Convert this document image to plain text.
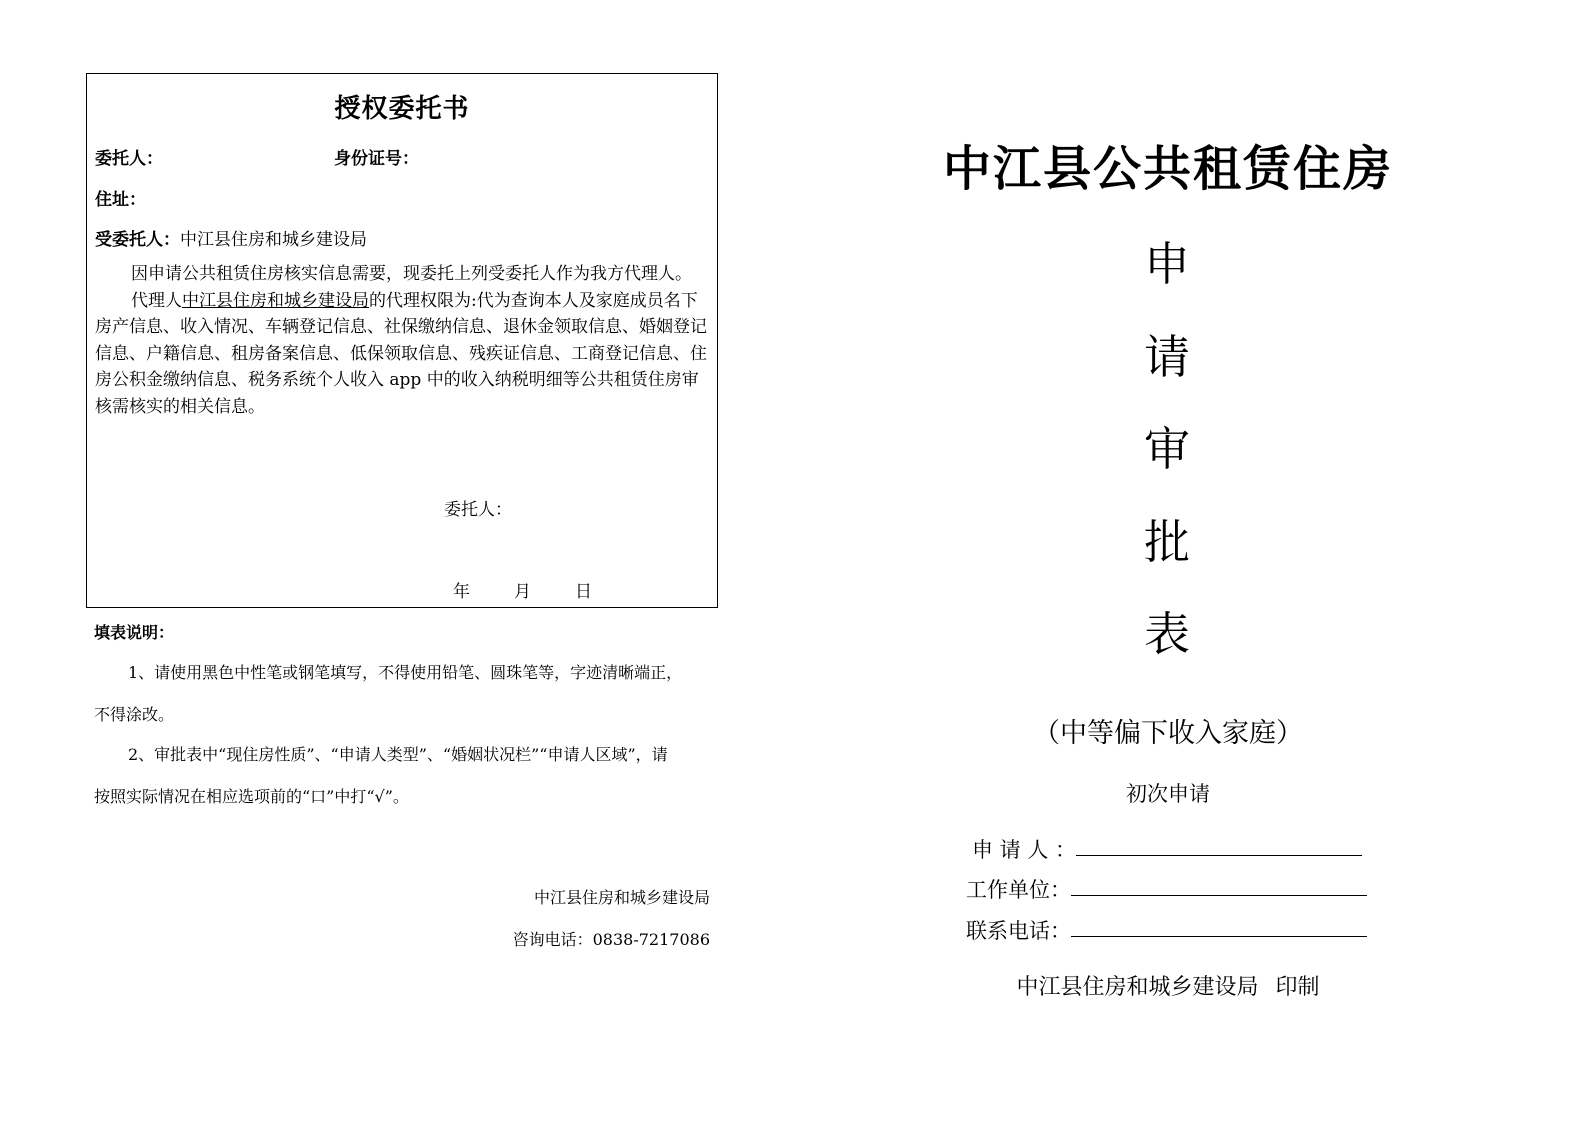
授权委托书
委托人：	身份证号：
住址：
受委托人：中江县住房和城乡建设局

因申请公共租赁住房核实信息需要，现委托上列受委托人作为我方代理人。

代理人中江县住房和城乡建设局的代理权限为:代为查询本人及家庭成员名下房产信息、收入情况、车辆登记信息、社保缴纳信息、退休金领取信息、婚姻登记信息、户籍信息、租房备案信息、低保领取信息、残疾证信息、工商登记信息、住房公积金缴纳信息、税务系统个人收入 app 中的收入纳税明细等公共租赁住房审核需核实的相关信息。

委托人：
年	月	日
填表说明：
1、请使用黑色中性笔或钢笔填写，不得使用铅笔、圆珠笔等，字迹清晰端正，
不得涂改。
2、审批表中“现住房性质”、“申请人类型”、“婚姻状况栏”“申请人区域”，请
按照实际情况在相应选项前的“口”中打“√”。
中江县住房和城乡建设局
咨询电话：0838-7217086
中江县公共租赁住房
申
请
审
批
表
（中等偏下收入家庭）
初次申请
申 请 人 ：
工作单位：
联系电话：
中江县住房和城乡建设局 印制
